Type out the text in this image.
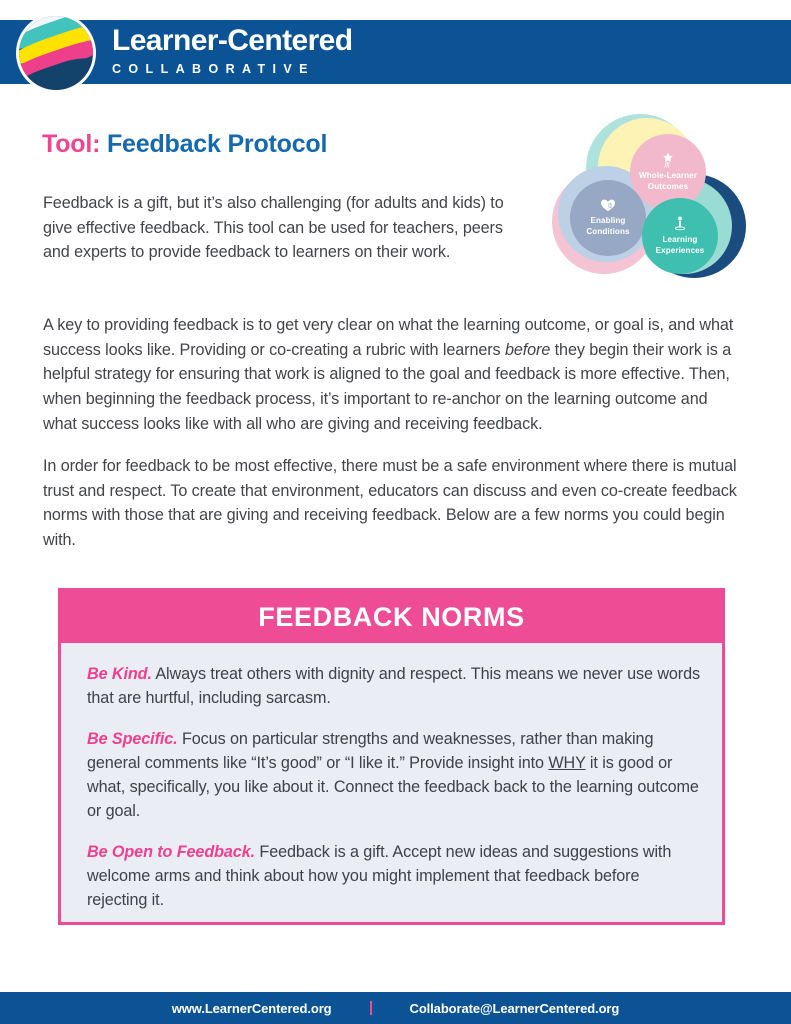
Learner-Centered
COLLABORATIVE
Tool: Feedback Protocol

Feedback is a gift, but it’s also challenging (for adults and kids) to give effective feedback. This tool can be used for teachers, peers and experts to provide feedback to learners on their work.

A key to providing feedback is to get very clear on what the learning outcome, or goal is, and what success looks like. Providing or co-creating a rubric with learners before they begin their work is a helpful strategy for ensuring that work is aligned to the goal and feedback is more effective. Then, when beginning the feedback process, it’s important to re-anchor on the learning outcome and what success looks like with all who are giving and receiving feedback.

In order for feedback to be most effective, there must be a safe environment where there is mutual trust and respect. To create that environment, educators can discuss and even co-create feedback norms with those that are giving and receiving feedback. Below are a few norms you could begin with.

Whole-Learner
Outcomes
Enabling
Conditions
Learning
Experiences
FEEDBACK NORMS

Be Kind. Always treat others with dignity and respect. This means we never use words that are hurtful, including sarcasm.

Be Specific. Focus on particular strengths and weaknesses, rather than making general comments like “It’s good” or “I like it.” Provide insight into WHY it is good or what, specifically, you like about it. Connect the feedback back to the learning outcome or goal.

Be Open to Feedback. Feedback is a gift. Accept new ideas and suggestions with welcome arms and think about how you might implement that feedback before rejecting it.

www.LearnerCentered.org	Collaborate@LearnerCentered.org
